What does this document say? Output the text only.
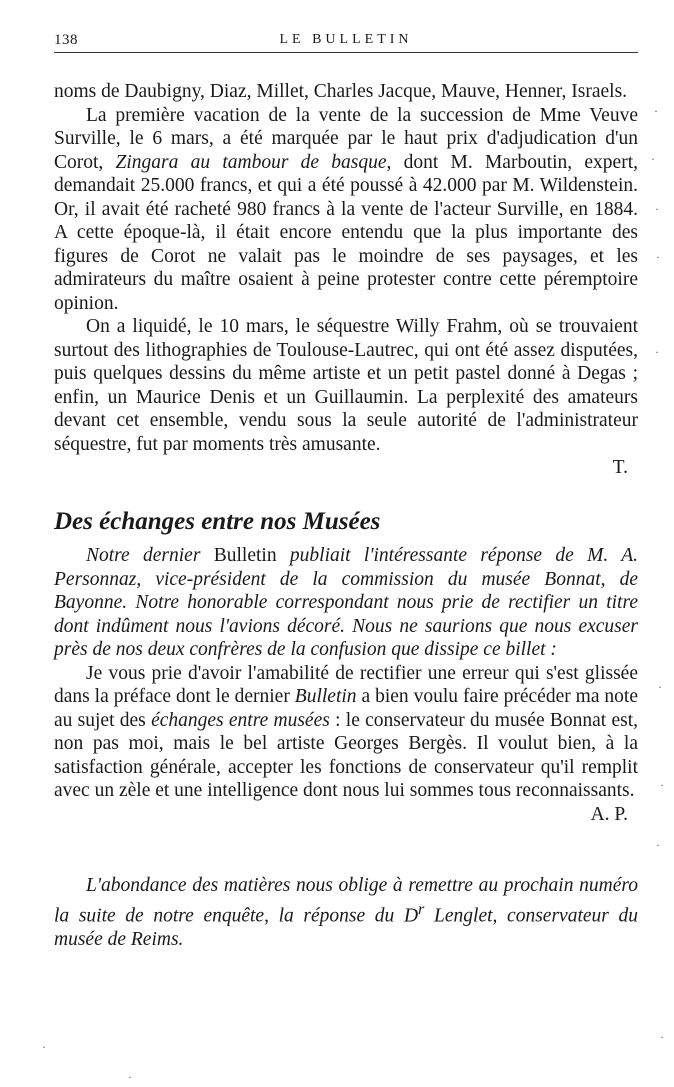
138	LE BULLETIN

noms de Daubigny, Diaz, Millet, Charles Jacque, Mauve, Henner, Israels.

La première vacation de la vente de la succession de Mme Veuve Surville, le 6 mars, a été marquée par le haut prix d'adjudication d'un Corot, Zingara au tambour de basque, dont M. Marboutin, expert, demandait 25.000 francs, et qui a été poussé à 42.000 par M. Wildenstein. Or, il avait été racheté 980 francs à la vente de l'acteur Surville, en 1884. A cette époque-là, il était encore entendu que la plus importante des figures de Corot ne valait pas le moindre de ses paysages, et les admirateurs du maître osaient à peine protester contre cette péremptoire opinion.

On a liquidé, le 10 mars, le séquestre Willy Frahm, où se trouvaient surtout des lithographies de Toulouse-Lautrec, qui ont été assez disputées, puis quelques dessins du même artiste et un petit pastel donné à Degas ; enfin, un Maurice Denis et un Guillaumin. La perplexité des amateurs devant cet ensemble, vendu sous la seule autorité de l'administrateur séquestre, fut par moments très amusante.

T.

Des échanges entre nos Musées

Notre dernier Bulletin publiait l'intéressante réponse de M. A. Personnaz, vice-président de la commission du musée Bonnat, de Bayonne. Notre honorable correspondant nous prie de rectifier un titre dont indûment nous l'avions décoré. Nous ne saurions que nous excuser près de nos deux confrères de la confusion que dissipe ce billet :

Je vous prie d'avoir l'amabilité de rectifier une erreur qui s'est glissée dans la préface dont le dernier Bulletin a bien voulu faire précéder ma note au sujet des échanges entre musées : le conservateur du musée Bonnat est, non pas moi, mais le bel artiste Georges Bergès. Il voulut bien, à la satisfaction générale, accepter les fonctions de conservateur qu'il remplit avec un zèle et une intelligence dont nous lui sommes tous reconnaissants.

A. P.

L'abondance des matières nous oblige à remettre au prochain numéro la suite de notre enquête, la réponse du $D^r$ Lenglet, conservateur du musée de Reims.

·
·
·
·
·
·
·
·
·
·
·
